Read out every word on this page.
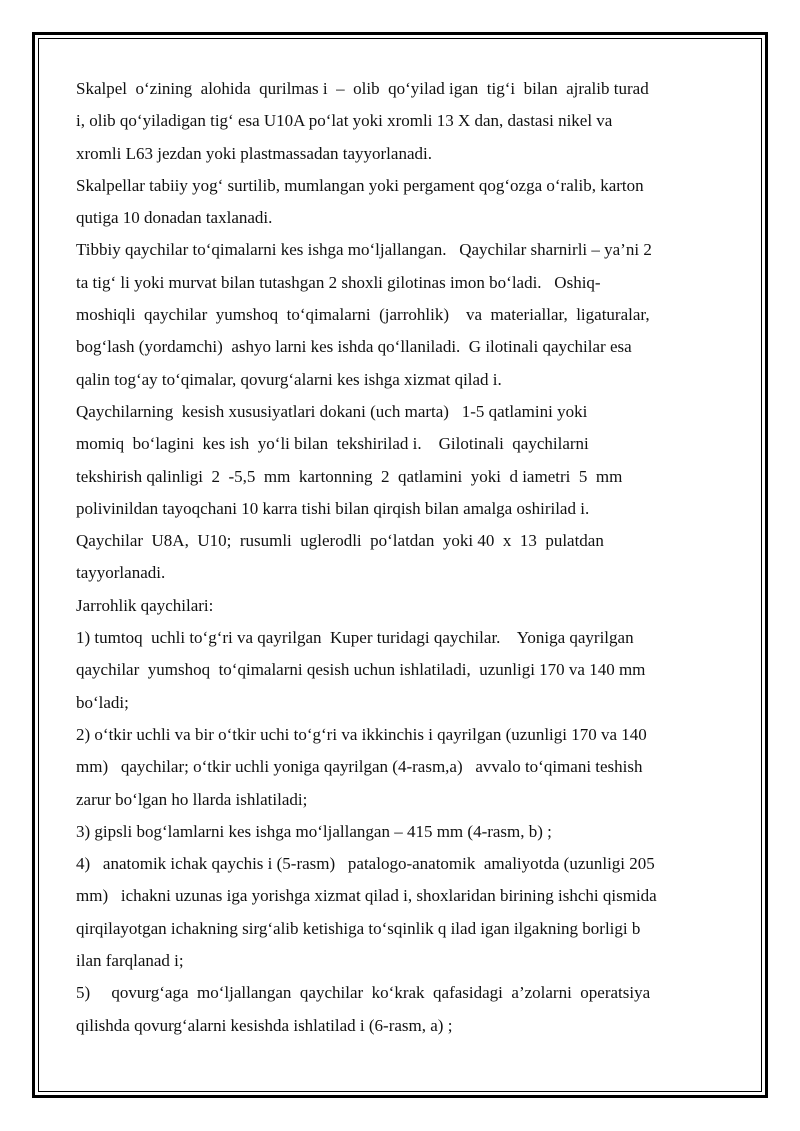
Skalpel  o‘zining  alohida  qurilmas i  –  olib  qo‘yilad igan  tig‘i  bilan  ajralib turad
i, olib qo‘yiladigan tig‘ esa U10A po‘lat yoki xromli 13 X dan, dastasi nikel va
xromli L63 jezdan yoki plastmassadan tayyorlanadi.
Skalpellar tabiiy yog‘ surtilib, mumlangan yoki pergament qog‘ozga o‘ralib, karton
qutiga 10 donadan taxlanadi.
Tibbiy qaychilar to‘qimalarni kes ishga mo‘ljallangan.   Qaychilar sharnirli – ya’ni 2
ta tig‘ li yoki murvat bilan tutashgan 2 shoxli gilotinas imon bo‘ladi.   Oshiq-
moshiqli  qaychilar  yumshoq  to‘qimalarni  (jarrohlik)    va  materiallar,  ligaturalar,
bog‘lash (yordamchi)  ashyo larni kes ishda qo‘llaniladi.  G ilotinali qaychilar esa
qalin tog‘ay to‘qimalar, qovurg‘alarni kes ishga xizmat qilad i.
Qaychilarning  kesish xususiyatlari dokani (uch marta)   1-5 qatlamini yoki
momiq  bo‘lagini  kes ish  yo‘li bilan  tekshirilad i.    Gilotinali  qaychilarni
tekshirish qalinligi  2  -5,5  mm  kartonning  2  qatlamini  yoki  d iametri  5  mm
polivinildan tayoqchani 10 karra tishi bilan qirqish bilan amalga oshirilad i.
Qaychilar  U8A,  U10;  rusumli  uglerodli  po‘latdan  yoki 40  x  13  pulatdan
tayyorlanadi.
Jarrohlik qaychilari:
1) tumtoq  uchli to‘g‘ri va qayrilgan  Kuper turidagi qaychilar.    Yoniga qayrilgan
qaychilar  yumshoq  to‘qimalarni qesish uchun ishlatiladi,  uzunligi 170 va 140 mm
bo‘ladi;
2) o‘tkir uchli va bir o‘tkir uchi to‘g‘ri va ikkinchis i qayrilgan (uzunligi 170 va 140
mm)   qaychilar; o‘tkir uchli yoniga qayrilgan (4-rasm,a)   avvalo to‘qimani teshish
zarur bo‘lgan ho llarda ishlatiladi;
3) gipsli bog‘lamlarni kes ishga mo‘ljallangan – 415 mm (4-rasm, b) ;
4)   anatomik ichak qaychis i (5-rasm)   patalogo-anatomik  amaliyotda (uzunligi 205
mm)   ichakni uzunas iga yorishga xizmat qilad i, shoxlaridan birining ishchi qismida
qirqilayotgan ichakning sirg‘alib ketishiga to‘sqinlik q ilad igan ilgakning borligi b
ilan farqlanad i;
5)     qovurg‘aga  mo‘ljallangan  qaychilar  ko‘krak  qafasidagi  a’zolarni  operatsiya
qilishda qovurg‘alarni kesishda ishlatilad i (6-rasm, a) ;
